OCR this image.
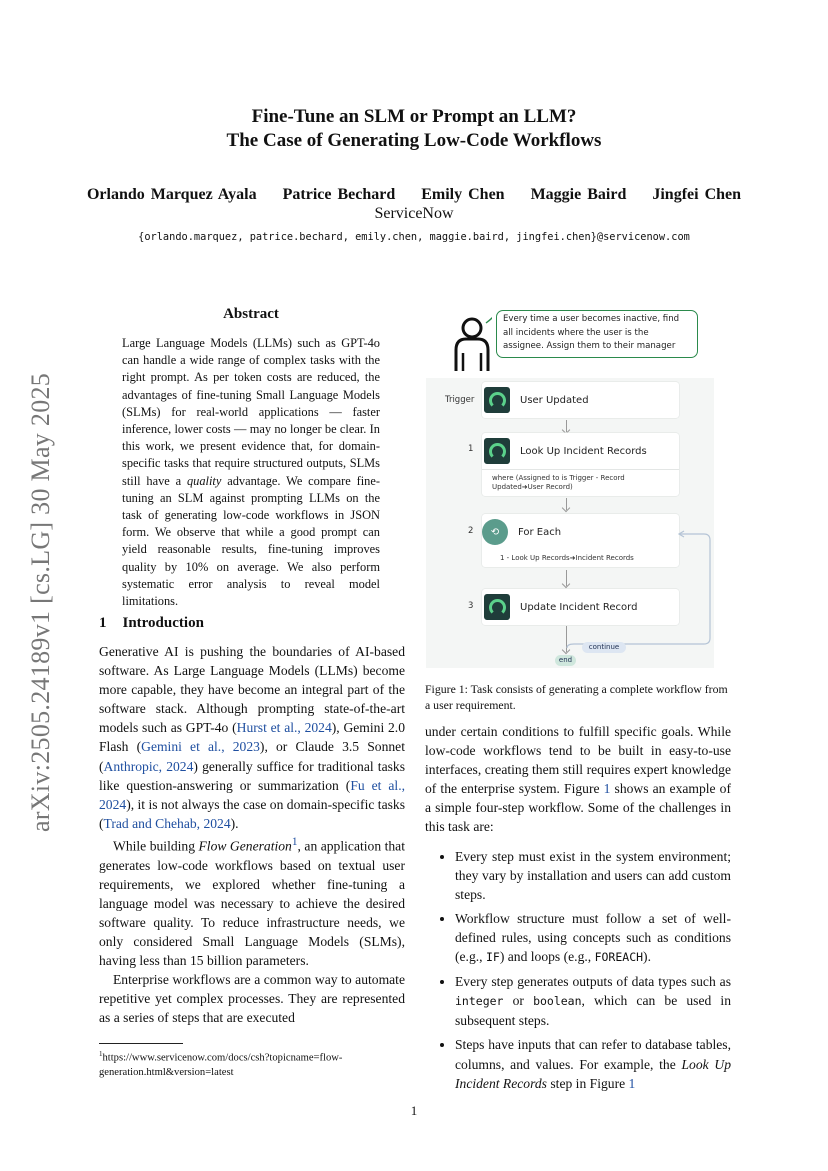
Fine-Tune an SLM or Prompt an LLM?
The Case of Generating Low-Code Workflows
Orlando Marquez Ayala Patrice Bechard Emily Chen Maggie Baird Jingfei Chen
ServiceNow
{orlando.marquez, patrice.bechard, emily.chen, maggie.baird, jingfei.chen}@servicenow.com
arXiv:2505.24189v1 [cs.LG] 30 May 2025
Abstract
Large Language Models (LLMs) such as GPT-4o can handle a wide range of complex tasks with the right prompt. As per token costs are reduced, the advantages of fine-tuning Small Language Models (SLMs) for real-world applications — faster inference, lower costs — may no longer be clear. In this work, we present evidence that, for domain-specific tasks that require structured outputs, SLMs still have a quality advantage. We compare fine-tuning an SLM against prompting LLMs on the task of generating low-code workflows in JSON form. We observe that while a good prompt can yield reasonable results, fine-tuning improves quality by 10% on average. We also perform systematic error analysis to reveal model limitations.
1 Introduction

Generative AI is pushing the boundaries of AI-based software. As Large Language Models (LLMs) become more capable, they have become an integral part of the software stack. Although prompting state-of-the-art models such as GPT-4o (Hurst et al., 2024), Gemini 2.0 Flash (Gemini et al., 2023), or Claude 3.5 Sonnet (Anthropic, 2024) generally suffice for traditional tasks like question-answering or summarization (Fu et al., 2024), it is not always the case on domain-specific tasks (Trad and Chehab, 2024).

While building Flow Generation$^1$, an application that generates low-code workflows based on textual user requirements, we explored whether fine-tuning a language model was necessary to achieve the desired software quality. To reduce infrastructure needs, we only considered Small Language Models (SLMs), having less than 15 billion parameters.

Enterprise workflows are a common way to automate repetitive yet complex processes. They are represented as a series of steps that are executed

$^1$https://www.servicenow.com/docs/csh?topicname=flow-generation.html&version=latest
Every time a user becomes inactive, find all incidents where the user is the assignee. Assign them to their manager
Trigger	User Updated
1	Look Up Incident Records
where (Assigned to is Trigger - Record Updated➜User Record)
2	⟲	For Each
1 - Look Up Records➜Incident Records
3	Update Incident Record
continue
end
Figure 1: Task consists of generating a complete workflow from a user requirement.

under certain conditions to fulfill specific goals. While low-code workflows tend to be built in easy-to-use interfaces, creating them still requires expert knowledge of the enterprise system. Figure 1 shows an example of a simple four-step workflow. Some of the challenges in this task are:

• Every step must exist in the system environment; they vary by installation and users can add custom steps.
• Workflow structure must follow a set of well-defined rules, using concepts such as conditions (e.g., IF) and loops (e.g., FOREACH).
• Every step generates outputs of data types such as integer or boolean, which can be used in subsequent steps.
• Steps have inputs that can refer to database tables, columns, and values. For example, the Look Up Incident Records step in Figure 1
1
